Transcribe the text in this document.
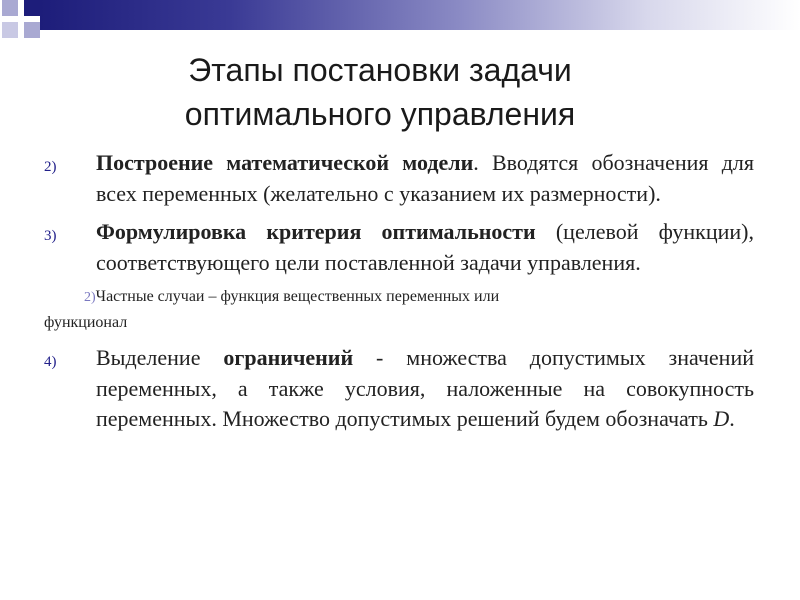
Этапы постановки задачи
оптимального управления
2) Построение математической модели. Вводятся обозначения для всех переменных (желательно с указанием их размерности).
3) Формулировка критерия оптимальности (целевой функции), соответствующего цели поставленной задачи управления.
2)Частные случаи – функция вещественных переменных или
функционал
4) Выделение ограничений - множества допустимых значений переменных, а также условия, наложенные на совокупность переменных. Множество допустимых решений будем обозначать D.
